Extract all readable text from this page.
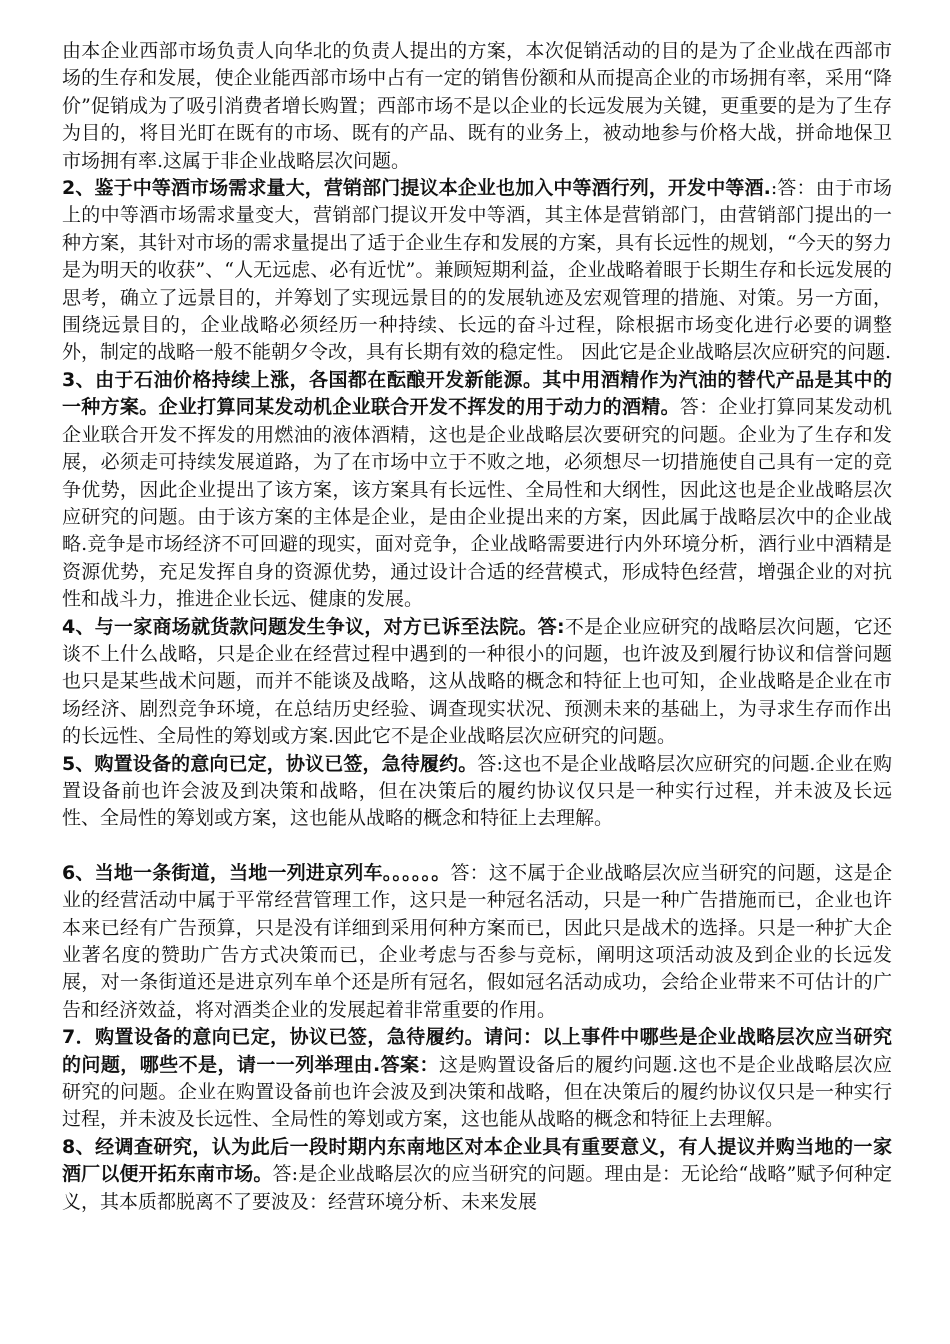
由本企业西部市场负责人向华北的负责人提出的方案，本次促销活动的目的是为了企业战在西部市场的生存和发展，使企业能西部市场中占有一定的销售份额和从而提高企业的市场拥有率，采用“降价”促销成为了吸引消费者增长购置；西部市场不是以企业的长远发展为关键，更重要的是为了生存为目的，将目光盯在既有的市场、既有的产品、既有的业务上，被动地参与价格大战，拼命地保卫市场拥有率.这属于非企业战略层次问题。

2、鉴于中等酒市场需求量大，营销部门提议本企业也加入中等酒行列，开发中等酒.:答：由于市场上的中等酒市场需求量变大，营销部门提议开发中等酒，其主体是营销部门，由营销部门提出的一种方案，其针对市场的需求量提出了适于企业生存和发展的方案，具有长远性的规划，“今天的努力是为明天的收获”、“人无远虑、必有近忧”。兼顾短期利益，企业战略着眼于长期生存和长远发展的思考，确立了远景目的，并筹划了实现远景目的的发展轨迹及宏观管理的措施、对策。另一方面，围绕远景目的，企业战略必须经历一种持续、长远的奋斗过程，除根据市场变化进行必要的调整外，制定的战略一般不能朝夕令改，具有长期有效的稳定性。 因此它是企业战略层次应研究的问题.

3、由于石油价格持续上涨，各国都在酝酿开发新能源。其中用酒精作为汽油的替代产品是其中的一种方案。企业打算同某发动机企业联合开发不挥发的用于动力的酒精。答：企业打算同某发动机企业联合开发不挥发的用燃油的液体酒精，这也是企业战略层次要研究的问题。企业为了生存和发展，必须走可持续发展道路，为了在市场中立于不败之地，必须想尽一切措施使自己具有一定的竞争优势，因此企业提出了该方案，该方案具有长远性、全局性和大纲性，因此这也是企业战略层次应研究的问题。由于该方案的主体是企业，是由企业提出来的方案，因此属于战略层次中的企业战略.竞争是市场经济不可回避的现实，面对竞争，企业战略需要进行内外环境分析，酒行业中酒精是资源优势，充足发挥自身的资源优势，通过设计合适的经营模式，形成特色经营，增强企业的对抗性和战斗力，推进企业长远、健康的发展。

4、与一家商场就货款问题发生争议，对方已诉至法院。答:不是企业应研究的战略层次问题，它还谈不上什么战略，只是企业在经营过程中遇到的一种很小的问题，也许波及到履行协议和信誉问题也只是某些战术问题，而并不能谈及战略，这从战略的概念和特征上也可知，企业战略是企业在市场经济、剧烈竞争环境，在总结历史经验、调查现实状况、预测未来的基础上，为寻求生存而作出的长远性、全局性的筹划或方案.因此它不是企业战略层次应研究的问题。

5、购置设备的意向已定，协议已签，急待履约。答:这也不是企业战略层次应研究的问题.企业在购置设备前也许会波及到决策和战略，但在决策后的履约协议仅只是一种实行过程，并未波及长远性、全局性的筹划或方案，这也能从战略的概念和特征上去理解。

6、当地一条街道，当地一列进京列车。。。。。。答：这不属于企业战略层次应当研究的问题，这是企业的经营活动中属于平常经营管理工作，这只是一种冠名活动，只是一种广告措施而已，企业也许本来已经有广告预算，只是没有详细到采用何种方案而已，因此只是战术的选择。只是一种扩大企业著名度的赞助广告方式决策而已，企业考虑与否参与竞标，阐明这项活动波及到企业的长远发展，对一条街道还是进京列车单个还是所有冠名，假如冠名活动成功，会给企业带来不可估计的广告和经济效益，将对酒类企业的发展起着非常重要的作用。

7．购置设备的意向已定，协议已签，急待履约。请问：以上事件中哪些是企业战略层次应当研究的问题，哪些不是，请一一列举理由.答案：这是购置设备后的履约问题.这也不是企业战略层次应研究的问题。企业在购置设备前也许会波及到决策和战略，但在决策后的履约协议仅只是一种实行过程，并未波及长远性、全局性的筹划或方案，这也能从战略的概念和特征上去理解。

8、经调查研究，认为此后一段时期内东南地区对本企业具有重要意义，有人提议并购当地的一家酒厂以便开拓东南市场。答:是企业战略层次的应当研究的问题。理由是：无论给“战略”赋予何种定义，其本质都脱离不了要波及：经营环境分析、未来发展
